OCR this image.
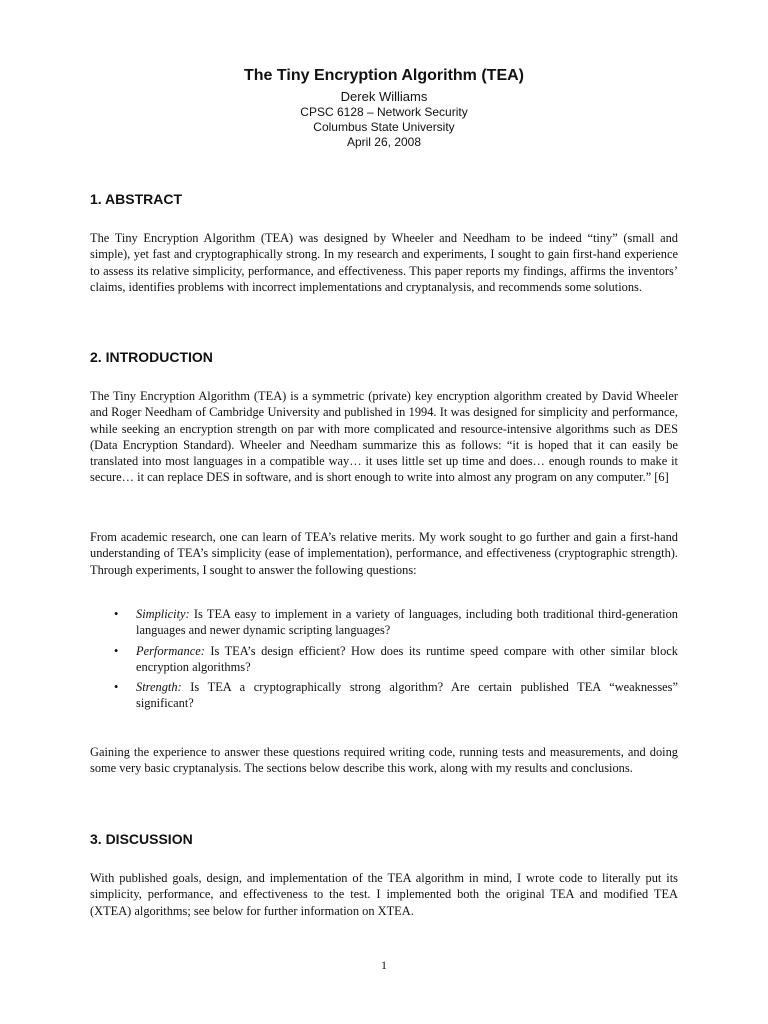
The Tiny Encryption Algorithm (TEA)
Derek Williams
CPSC 6128 – Network Security
Columbus State University
April 26, 2008
1. ABSTRACT

The Tiny Encryption Algorithm (TEA) was designed by Wheeler and Needham to be indeed “tiny” (small and simple), yet fast and cryptographically strong. In my research and experiments, I sought to gain first-hand experience to assess its relative simplicity, performance, and effectiveness. This paper reports my findings, affirms the inventors’ claims, identifies problems with incorrect implementations and cryptanalysis, and recommends some solutions.

2. INTRODUCTION

The Tiny Encryption Algorithm (TEA) is a symmetric (private) key encryption algorithm created by David Wheeler and Roger Needham of Cambridge University and published in 1994. It was designed for simplicity and performance, while seeking an encryption strength on par with more complicated and resource-intensive algorithms such as DES (Data Encryption Standard). Wheeler and Needham summarize this as follows: “it is hoped that it can easily be translated into most languages in a compatible way… it uses little set up time and does… enough rounds to make it secure… it can replace DES in software, and is short enough to write into almost any program on any computer.” [6]

From academic research, one can learn of TEA’s relative merits. My work sought to go further and gain a first-hand understanding of TEA’s simplicity (ease of implementation), performance, and effectiveness (cryptographic strength). Through experiments, I sought to answer the following questions:

• Simplicity: Is TEA easy to implement in a variety of languages, including both traditional third-generation languages and newer dynamic scripting languages?
• Performance: Is TEA’s design efficient? How does its runtime speed compare with other similar block encryption algorithms?
• Strength: Is TEA a cryptographically strong algorithm? Are certain published TEA “weaknesses” significant?

Gaining the experience to answer these questions required writing code, running tests and measurements, and doing some very basic cryptanalysis. The sections below describe this work, along with my results and conclusions.

3. DISCUSSION

With published goals, design, and implementation of the TEA algorithm in mind, I wrote code to literally put its simplicity, performance, and effectiveness to the test. I implemented both the original TEA and modified TEA (XTEA) algorithms; see below for further information on XTEA.

1
